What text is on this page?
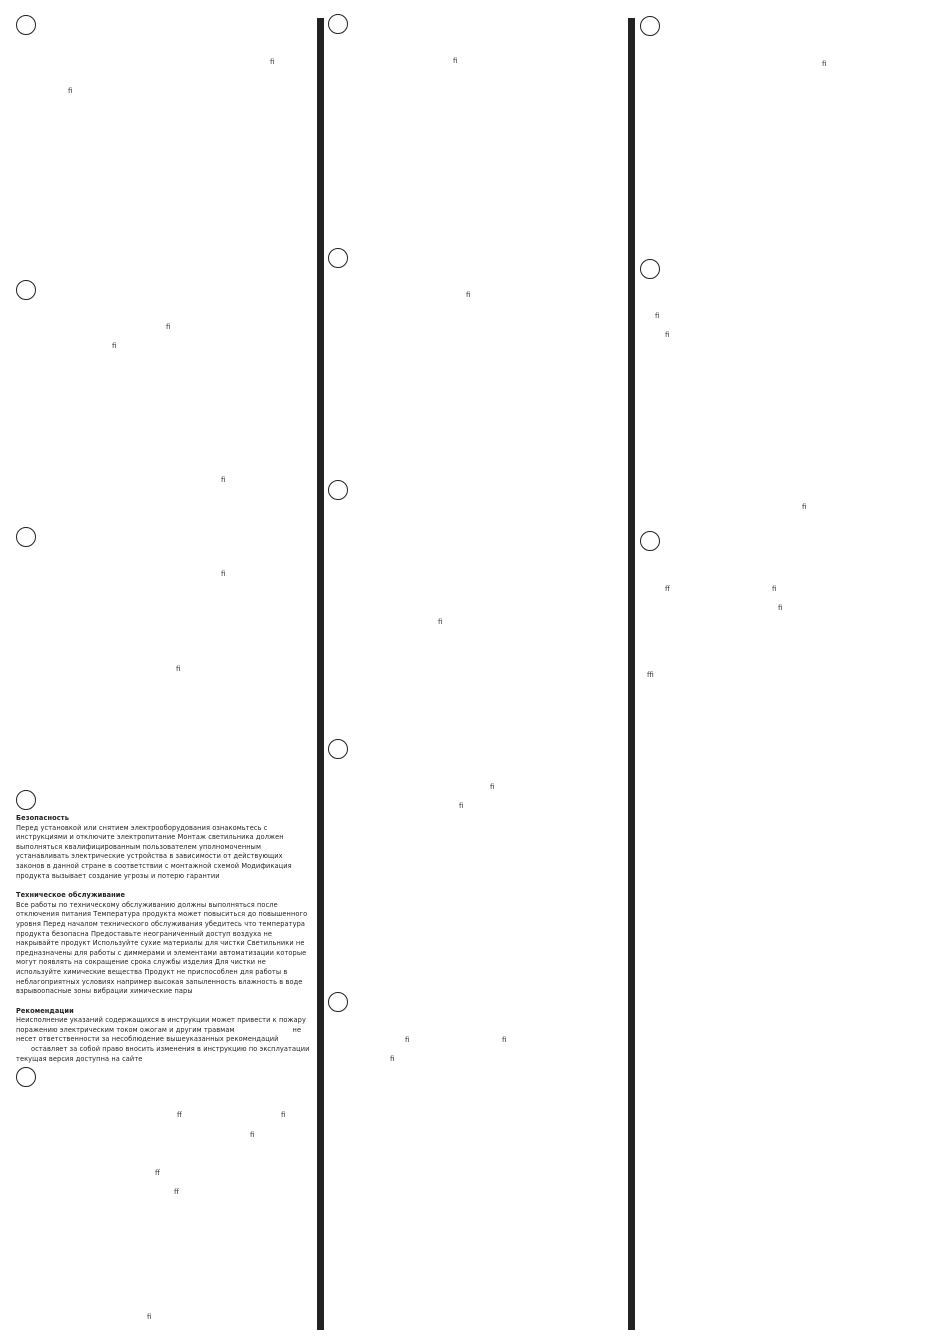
fi
fi
fi
fi
fi
fi
fi
ff	fi
fi
ff
ff
fi
fi
fi
fi
fi
fi
fi	fi
fi
fi
fi
fi
fi
ff	fi
fi
ffi

Безопасность

Перед установкой или снятием электрооборудования ознакомьтесь с инструкциями и отключите электропитание Монтаж светильника должен выполняться квалифицированным пользователем уполномоченным устанавливать электрические устройства в зависимости от действующих законов в данной стране в соответствии с монтажной схемой Модификация продукта вызывает создание угрозы и потерю гарантии

Техническое обслуживание

Все работы по техническому обслуживанию должны выполняться после отключения питания Температура продукта может повыситься до повышенного уровня Перед началом технического обслуживания убедитесь что температура продукта безопасна Предоставьте неограниченный доступ воздуха не накрывайте продукт Используйте сухие материалы для чистки Светильники не предназначены для работы с диммерами и элементами автоматизации которые могут появлять на сокращение срока службы изделия Для чистки не используйте химические вещества Продукт не приспособлен для работы в неблагоприятных условиях например высокая запыленность влажность в воде взрывоопасные зоны вибрации химические пары

Рекомендации

Неисполнение указаний содержащихся в инструкции может привести к пожару

поражению электрическим током ожогам и другим травмам	не

несет ответственности за несоблюдение вышеуказанных рекомендаций

оставляет за собой право вносить изменения в инструкцию по эксплуатации

текущая версия доступна на сайте
